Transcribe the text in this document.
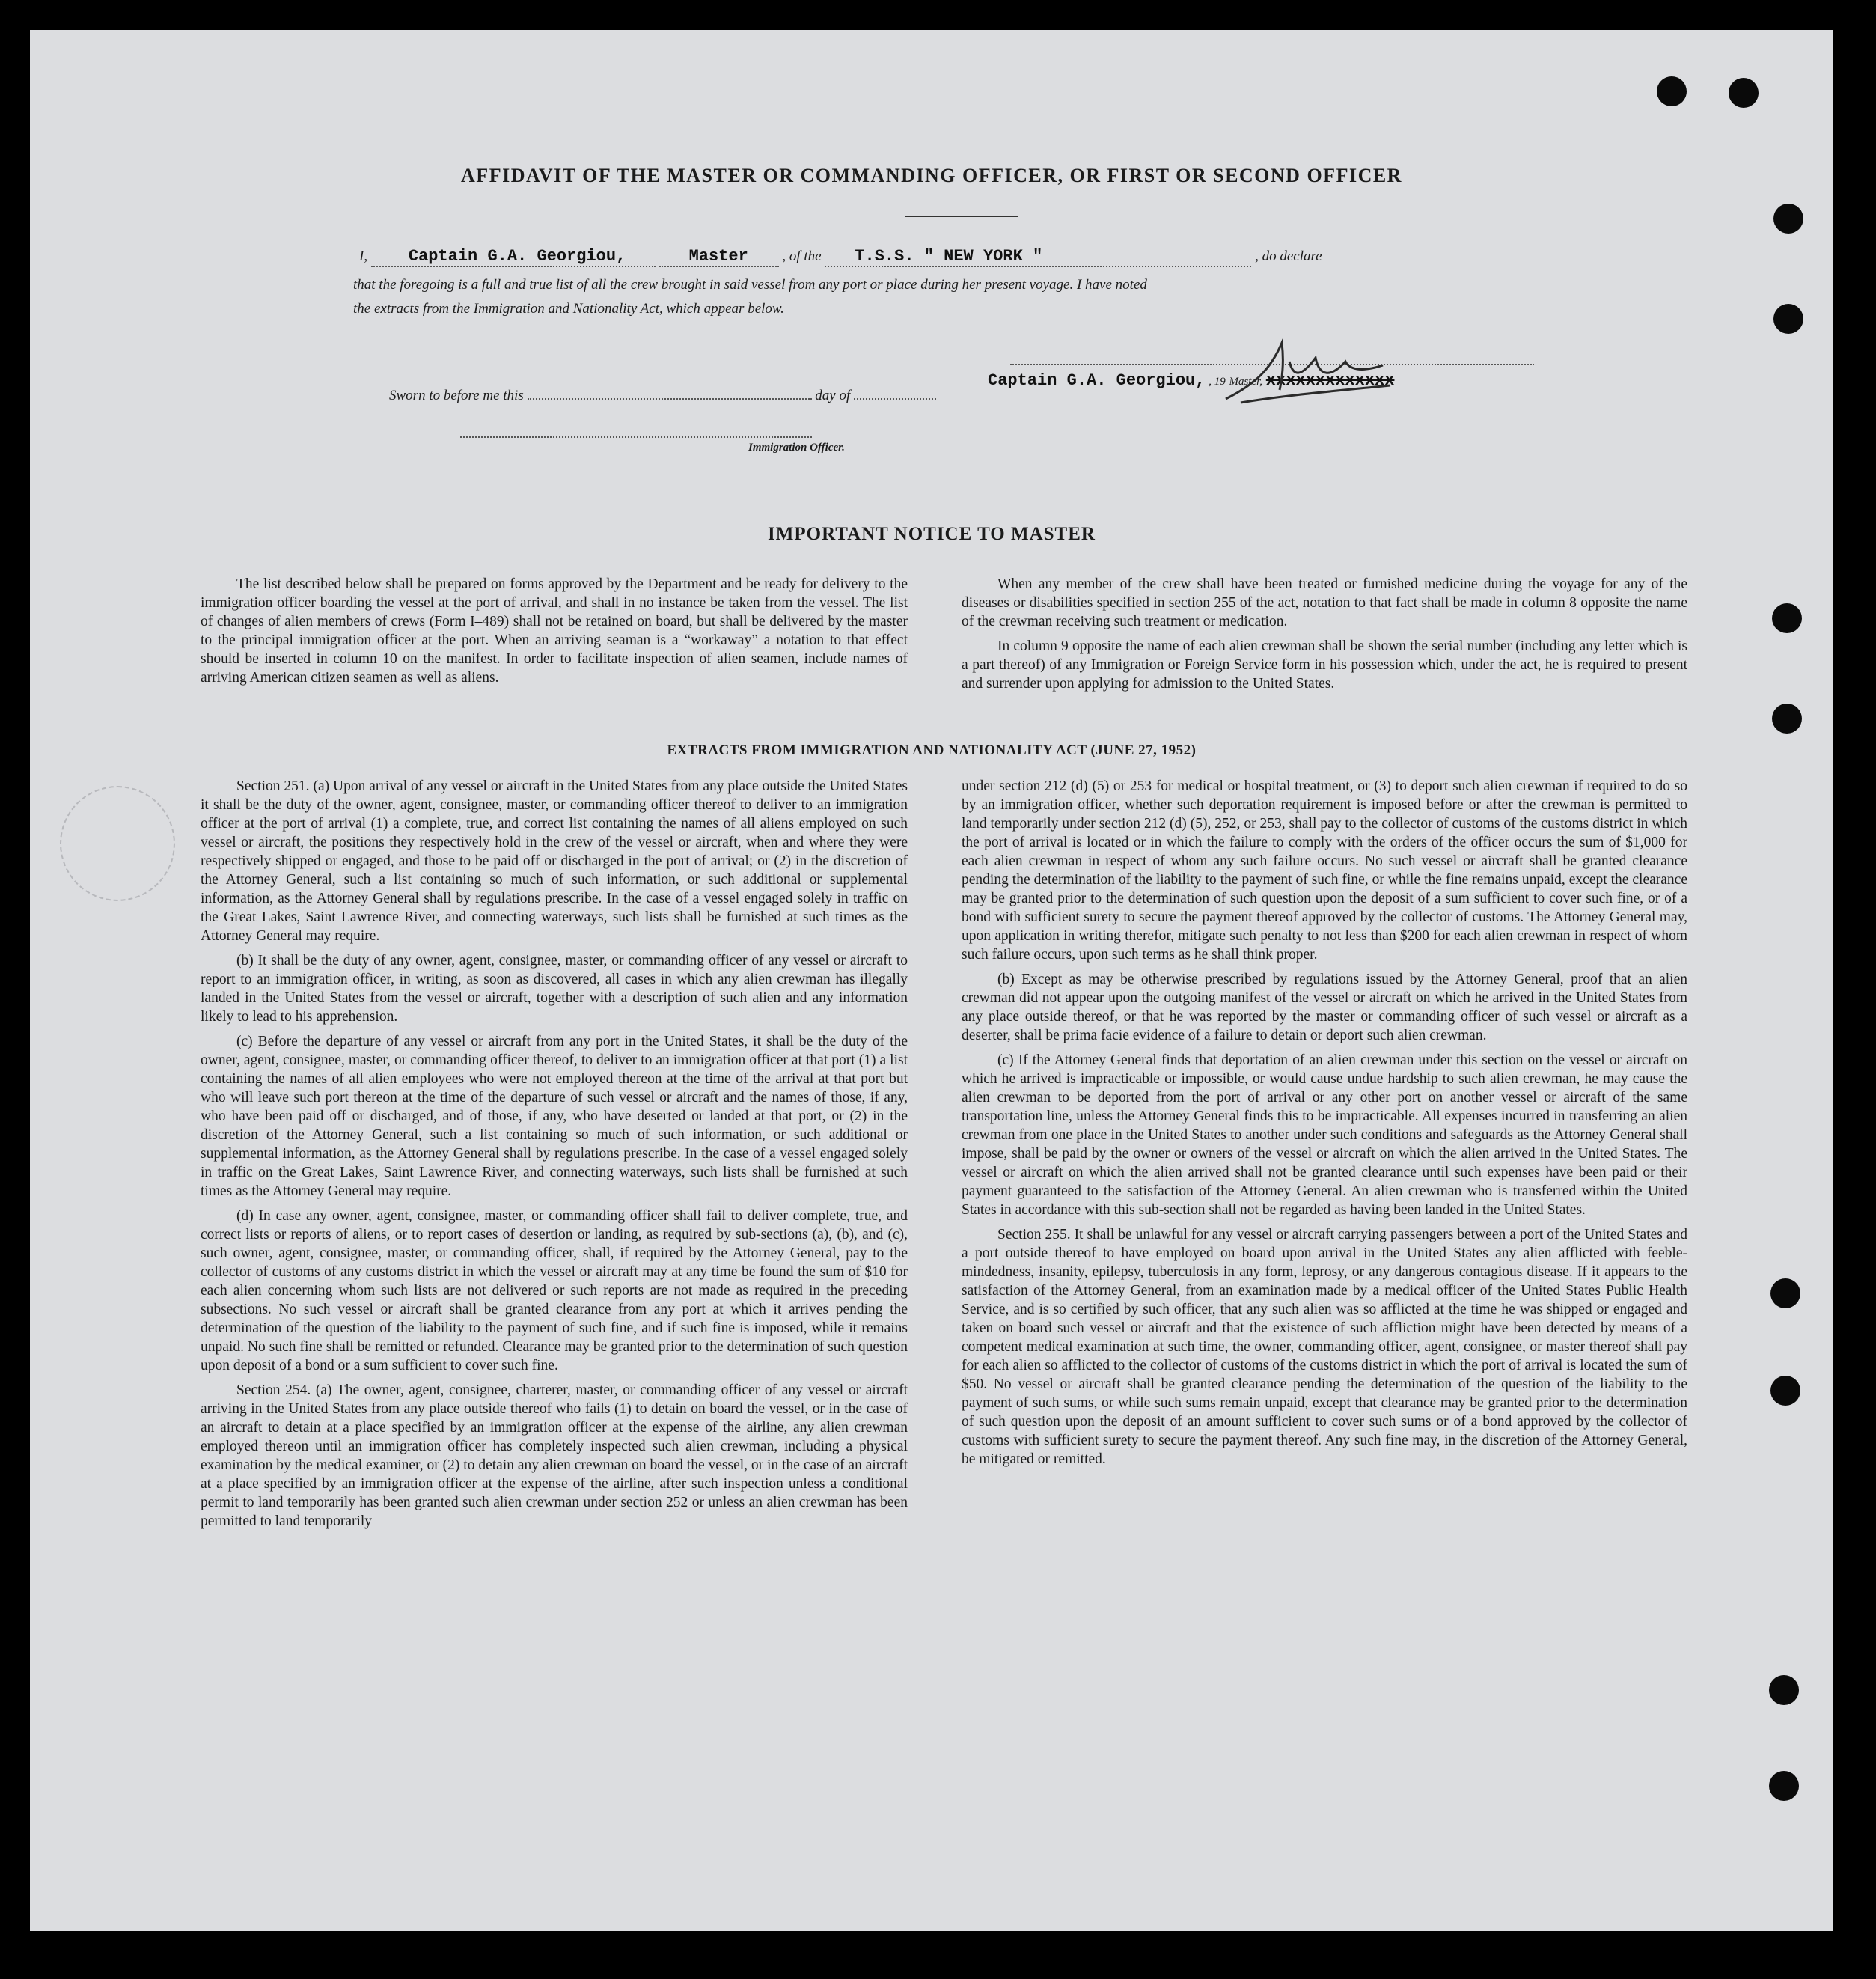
AFFIDAVIT OF THE MASTER OR COMMANDING OFFICER, OR FIRST OR SECOND OFFICER
I, Captain G.A. Georgiou,	Master , of the T.S.S. " NEW YORK "	, do declare
that the foregoing is a full and true list of all the crew brought in said vessel from any port or place during her present voyage. I have noted
the extracts from the Immigration and Nationality Act, which appear below.
Sworn to before me this	day of
Captain G.A. Georgiou, , 19 Master, xxxxxxxxxxxxx
Immigration Officer.
IMPORTANT NOTICE TO MASTER

The list described below shall be prepared on forms approved by the Department and be ready for delivery to the immigration officer boarding the vessel at the port of arrival, and shall in no instance be taken from the vessel. The list of changes of alien members of crews (Form I–489) shall not be retained on board, but shall be delivered by the master to the principal immigration officer at the port. When an arriving seaman is a “workaway” a notation to that effect should be inserted in column 10 on the manifest. In order to facilitate inspection of alien seamen, include names of arriving American citizen seamen as well as aliens.

When any member of the crew shall have been treated or furnished medicine during the voyage for any of the diseases or disabilities specified in section 255 of the act, notation to that fact shall be made in column 8 opposite the name of the crewman receiving such treatment or medication.

In column 9 opposite the name of each alien crewman shall be shown the serial number (including any letter which is a part thereof) of any Immigration or Foreign Service form in his possession which, under the act, he is required to present and surrender upon applying for admission to the United States.

EXTRACTS FROM IMMIGRATION AND NATIONALITY ACT (JUNE 27, 1952)

Section 251. (a) Upon arrival of any vessel or aircraft in the United States from any place outside the United States it shall be the duty of the owner, agent, consignee, master, or commanding officer thereof to deliver to an immigration officer at the port of arrival (1) a complete, true, and correct list containing the names of all aliens employed on such vessel or aircraft, the positions they respectively hold in the crew of the vessel or aircraft, when and where they were respectively shipped or engaged, and those to be paid off or discharged in the port of arrival; or (2) in the discretion of the Attorney General, such a list containing so much of such information, or such additional or supplemental information, as the Attorney General shall by regulations prescribe. In the case of a vessel engaged solely in traffic on the Great Lakes, Saint Lawrence River, and connecting waterways, such lists shall be furnished at such times as the Attorney General may require.

(b) It shall be the duty of any owner, agent, consignee, master, or commanding officer of any vessel or aircraft to report to an immigration officer, in writing, as soon as discovered, all cases in which any alien crewman has illegally landed in the United States from the vessel or aircraft, together with a description of such alien and any information likely to lead to his apprehension.

(c) Before the departure of any vessel or aircraft from any port in the United States, it shall be the duty of the owner, agent, consignee, master, or commanding officer thereof, to deliver to an immigration officer at that port (1) a list containing the names of all alien employees who were not employed thereon at the time of the arrival at that port but who will leave such port thereon at the time of the departure of such vessel or aircraft and the names of those, if any, who have been paid off or discharged, and of those, if any, who have deserted or landed at that port, or (2) in the discretion of the Attorney General, such a list containing so much of such information, or such additional or supplemental information, as the Attorney General shall by regulations prescribe. In the case of a vessel engaged solely in traffic on the Great Lakes, Saint Lawrence River, and connecting waterways, such lists shall be furnished at such times as the Attorney General may require.

(d) In case any owner, agent, consignee, master, or commanding officer shall fail to deliver complete, true, and correct lists or reports of aliens, or to report cases of desertion or landing, as required by sub-sections (a), (b), and (c), such owner, agent, consignee, master, or commanding officer, shall, if required by the Attorney General, pay to the collector of customs of any customs district in which the vessel or aircraft may at any time be found the sum of $10 for each alien concerning whom such lists are not delivered or such reports are not made as required in the preceding subsections. No such vessel or aircraft shall be granted clearance from any port at which it arrives pending the determination of the question of the liability to the payment of such fine, and if such fine is imposed, while it remains unpaid. No such fine shall be remitted or refunded. Clearance may be granted prior to the determination of such question upon deposit of a bond or a sum sufficient to cover such fine.

Section 254. (a) The owner, agent, consignee, charterer, master, or commanding officer of any vessel or aircraft arriving in the United States from any place outside thereof who fails (1) to detain on board the vessel, or in the case of an aircraft to detain at a place specified by an immigration officer at the expense of the airline, any alien crewman employed thereon until an immigration officer has completely inspected such alien crewman, including a physical examination by the medical examiner, or (2) to detain any alien crewman on board the vessel, or in the case of an aircraft at a place specified by an immigration officer at the expense of the airline, after such inspection unless a conditional permit to land temporarily has been granted such alien crewman under section 252 or unless an alien crewman has been permitted to land temporarily

under section 212 (d) (5) or 253 for medical or hospital treatment, or (3) to deport such alien crewman if required to do so by an immigration officer, whether such deportation requirement is imposed before or after the crewman is permitted to land temporarily under section 212 (d) (5), 252, or 253, shall pay to the collector of customs of the customs district in which the port of arrival is located or in which the failure to comply with the orders of the officer occurs the sum of $1,000 for each alien crewman in respect of whom any such failure occurs. No such vessel or aircraft shall be granted clearance pending the determination of the liability to the payment of such fine, or while the fine remains unpaid, except the clearance may be granted prior to the determination of such question upon the deposit of a sum sufficient to cover such fine, or of a bond with sufficient surety to secure the payment thereof approved by the collector of customs. The Attorney General may, upon application in writing therefor, mitigate such penalty to not less than $200 for each alien crewman in respect of whom such failure occurs, upon such terms as he shall think proper.

(b) Except as may be otherwise prescribed by regulations issued by the Attorney General, proof that an alien crewman did not appear upon the outgoing manifest of the vessel or aircraft on which he arrived in the United States from any place outside thereof, or that he was reported by the master or commanding officer of such vessel or aircraft as a deserter, shall be prima facie evidence of a failure to detain or deport such alien crewman.

(c) If the Attorney General finds that deportation of an alien crewman under this section on the vessel or aircraft on which he arrived is impracticable or impossible, or would cause undue hardship to such alien crewman, he may cause the alien crewman to be deported from the port of arrival or any other port on another vessel or aircraft of the same transportation line, unless the Attorney General finds this to be impracticable. All expenses incurred in transferring an alien crewman from one place in the United States to another under such conditions and safeguards as the Attorney General shall impose, shall be paid by the owner or owners of the vessel or aircraft on which the alien arrived in the United States. The vessel or aircraft on which the alien arrived shall not be granted clearance until such expenses have been paid or their payment guaranteed to the satisfaction of the Attorney General. An alien crewman who is transferred within the United States in accordance with this sub-section shall not be regarded as having been landed in the United States.

Section 255. It shall be unlawful for any vessel or aircraft carrying passengers between a port of the United States and a port outside thereof to have employed on board upon arrival in the United States any alien afflicted with feeble-mindedness, insanity, epilepsy, tuberculosis in any form, leprosy, or any dangerous contagious disease. If it appears to the satisfaction of the Attorney General, from an examination made by a medical officer of the United States Public Health Service, and is so certified by such officer, that any such alien was so afflicted at the time he was shipped or engaged and taken on board such vessel or aircraft and that the existence of such affliction might have been detected by means of a competent medical examination at such time, the owner, commanding officer, agent, consignee, or master thereof shall pay for each alien so afflicted to the collector of customs of the customs district in which the port of arrival is located the sum of $50. No vessel or aircraft shall be granted clearance pending the determination of the question of the liability to the payment of such sums, or while such sums remain unpaid, except that clearance may be granted prior to the determination of such question upon the deposit of an amount sufficient to cover such sums or of a bond approved by the collector of customs with sufficient surety to secure the payment thereof. Any such fine may, in the discretion of the Attorney General, be mitigated or remitted.
